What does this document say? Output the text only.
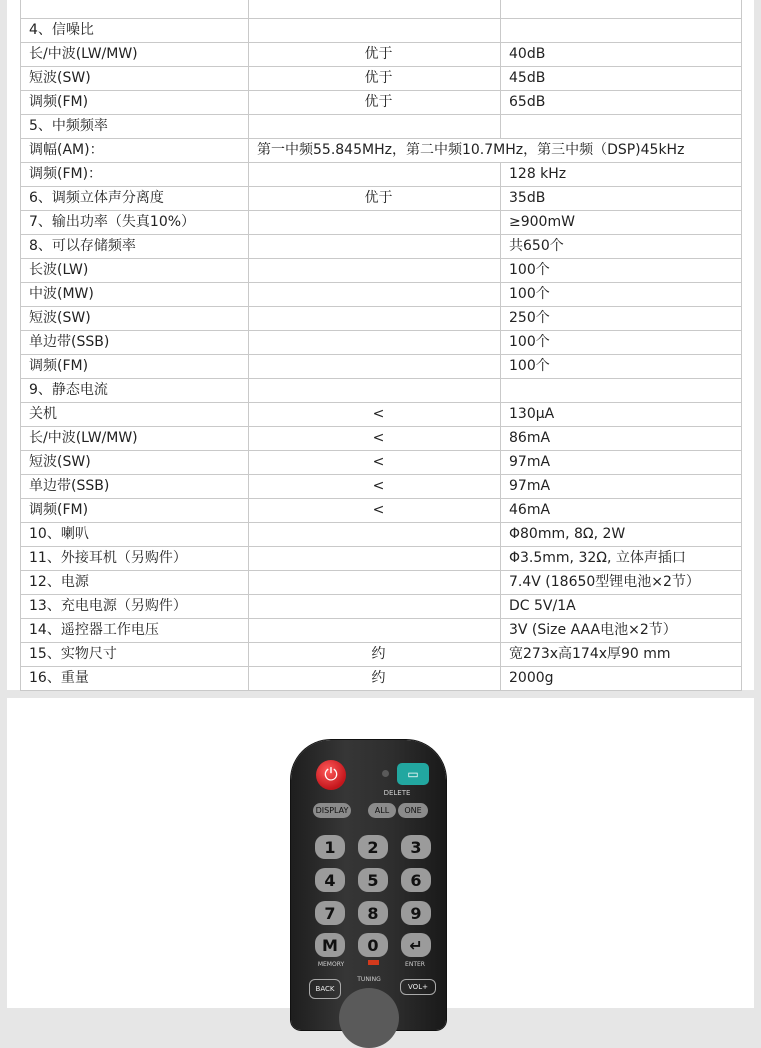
4、信噪比		
长/中波(LW/MW)	优于	40dB
短波(SW)	优于	45dB
调频(FM)	优于	65dB
5、中频频率		
调幅(AM)：	第一中频55.845MHz，第二中频10.7MHz，第三中频（DSP)45kHz	
调频(FM)：		128 kHz
6、调频立体声分离度	优于	35dB
7、输出功率（失真10%）		≥900mW
8、可以存储频率		共650个
长波(LW)		100个
中波(MW)		100个
短波(SW)		250个
单边带(SSB)		100个
调频(FM)		100个
9、静态电流		
关机	<	130μA
长/中波(LW/MW)	<	86mA
短波(SW)	<	97mA
单边带(SSB)	<	97mA
调频(FM)	<	46mA
10、喇叭		Φ80mm, 8Ω, 2W
11、外接耳机（另购件）		Φ3.5mm, 32Ω, 立体声插口
12、电源		7.4V (18650型锂电池×2节）
13、充电电源（另购件）		DC 5V/1A
14、遥控器工作电压		3V (Size AAA电池×2节）
15、实物尺寸	约	宽273x高174x厚90 mm
16、重量	约	2000g
⏻	▭
DELETE
DISPLAY	ALL	ONE
1	2	3
4	5	6
7	8	9
M	0	↵
MEMORY	ENTER
TUNING
BACK	VOL+
